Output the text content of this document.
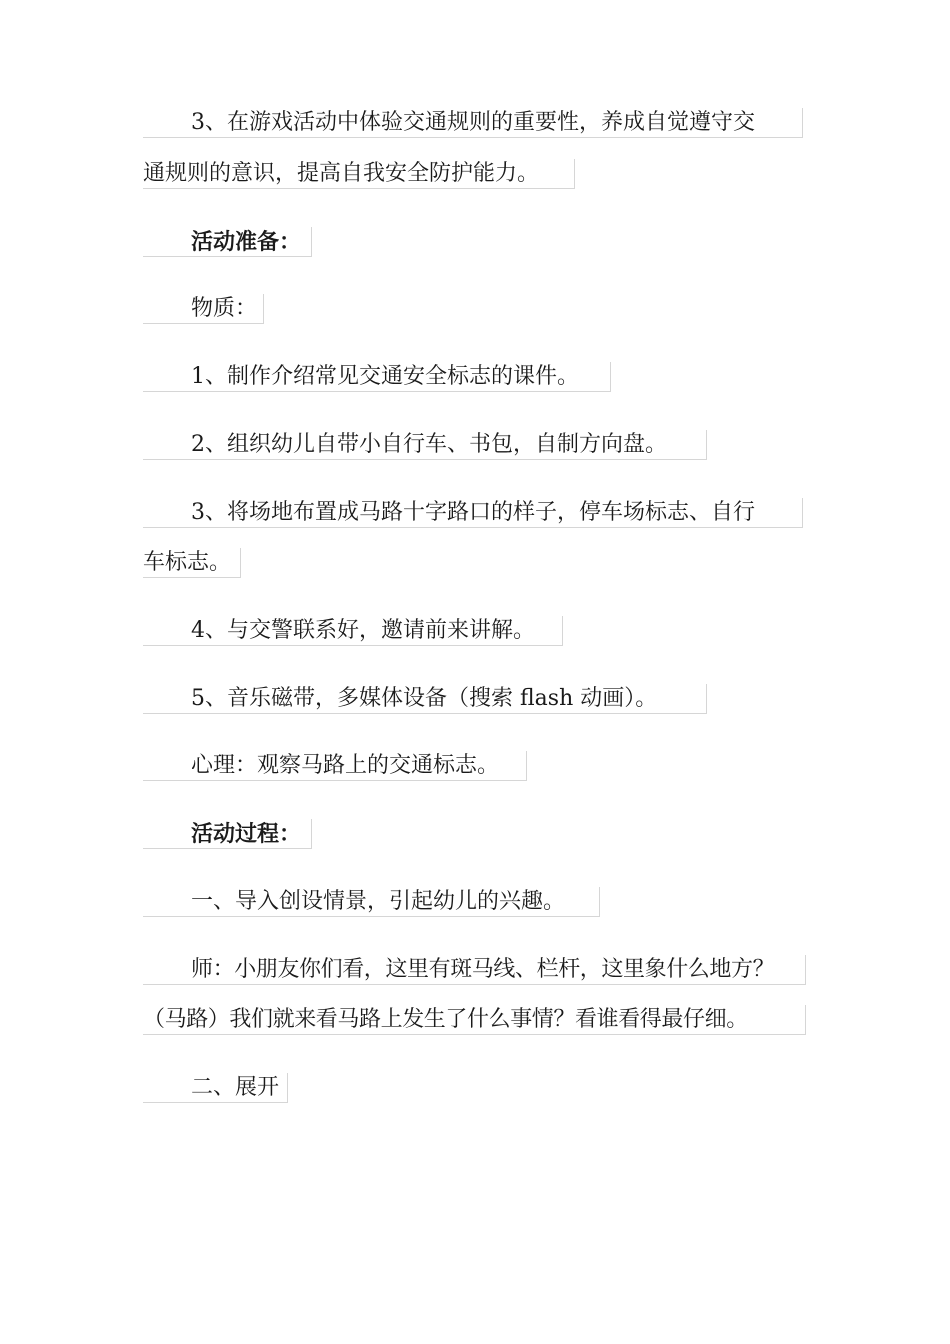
3、在游戏活动中体验交通规则的重要性，养成自觉遵守交
通规则的意识，提高自我安全防护能力。
活动准备：
物质：
1、制作介绍常见交通安全标志的课件。
2、组织幼儿自带小自行车、书包，自制方向盘。
3、将场地布置成马路十字路口的样子，停车场标志、自行
车标志。
4、与交警联系好，邀请前来讲解。
5、音乐磁带，多媒体设备（搜索 flash 动画）。
心理：观察马路上的交通标志。
活动过程：
一、导入创设情景，引起幼儿的兴趣。
师：小朋友你们看，这里有斑马线、栏杆，这里象什么地方？
（马路）我们就来看马路上发生了什么事情？看谁看得最仔细。
二、展开
